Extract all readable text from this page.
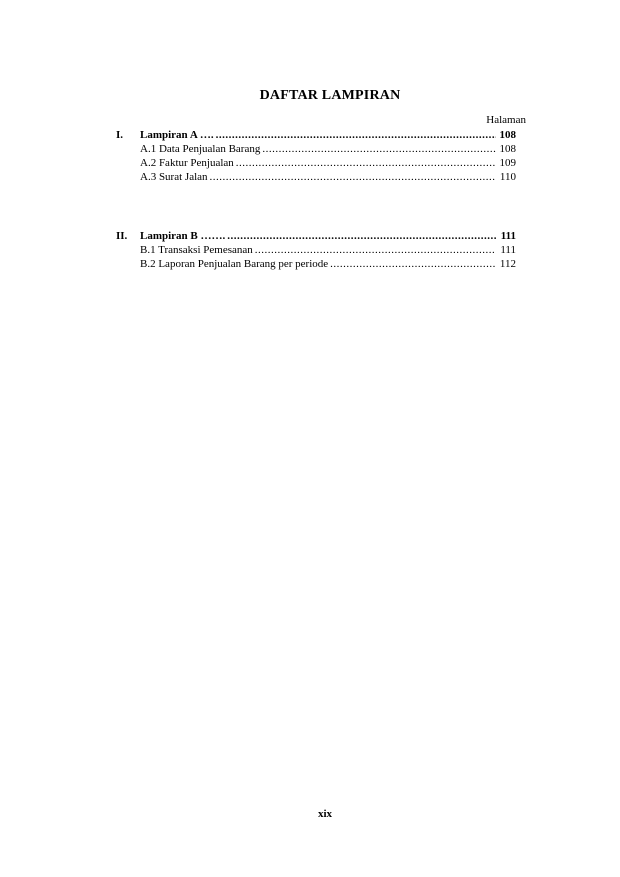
DAFTAR LAMPIRAN
Halaman
I.	Lampiran A …. .....	108
A.1 Data Penjualan Barang .....	108
A.2 Faktur Penjualan .....	109
A.3 Surat Jalan .....	110
II.	Lampiran B ……. .....	111
B.1 Transaksi Pemesanan .....	111
B.2 Laporan Penjualan Barang per periode .....	112
xix
